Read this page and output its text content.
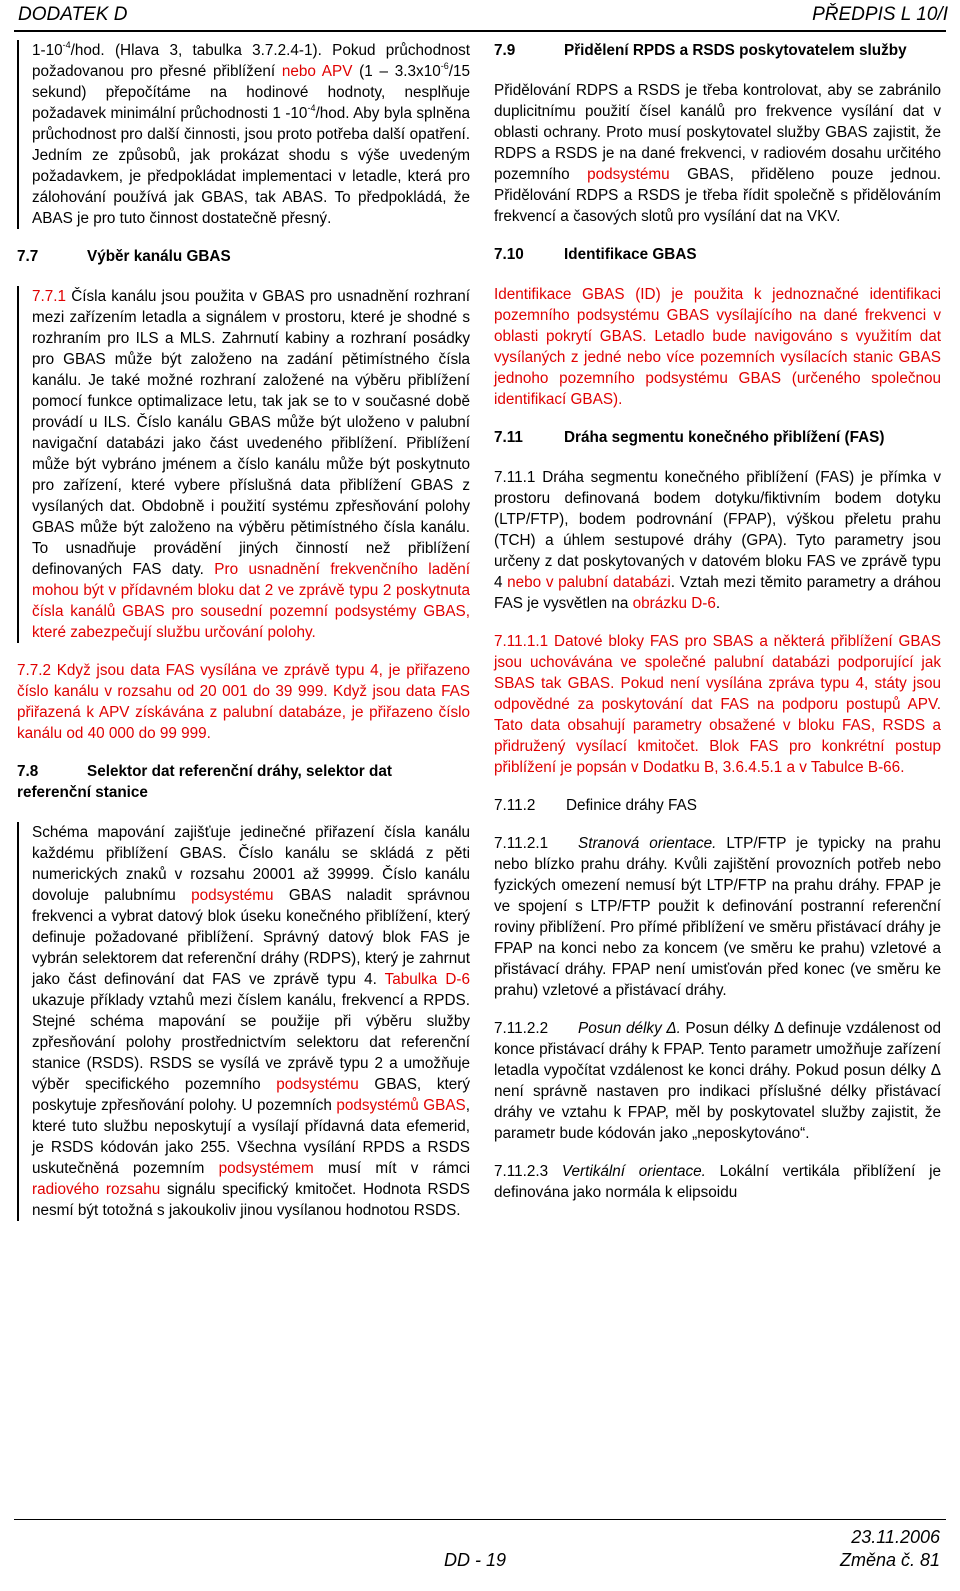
DODATEK D	PŘEDPIS L 10/I

$1-10^{-4}$/hod. (Hlava 3, tabulka 3.7.2.4-1). Pokud průchodnost požadovanou pro přesné přiblížení nebo APV ($1 - 3.3x10^{-6}/15$ sekund) přepočítáme na hodinové hodnoty, nesplňuje požadavek minimální průchodnosti 1 $-10^{-4}$/hod. Aby byla splněna průchodnost pro další činnosti, jsou proto potřeba další opatření. Jedním ze způsobů, jak prokázat shodu s výše uvedeným požadavkem, je předpokládat implementaci v letadle, která pro zálohování používá jak GBAS, tak ABAS. To předpokládá, že ABAS je pro tuto činnost dostatečně přesný.

7.7	Výběr kanálu GBAS

7.7.1 Čísla kanálu jsou použita v GBAS pro usnadnění rozhraní mezi zařízením letadla a signálem v prostoru, které je shodné s rozhraním pro ILS a MLS. Zahrnutí kabiny a rozhraní posádky pro GBAS může být založeno na zadání pětimístného čísla kanálu. Je také možné rozhraní založené na výběru přiblížení pomocí funkce optimalizace letu, tak jak se to v současné době provádí u ILS. Číslo kanálu GBAS může být uloženo v palubní navigační databázi jako část uvedeného přiblížení. Přiblížení může být vybráno jménem a číslo kanálu může být poskytnuto pro zařízení, které vybere příslušná data přiblížení GBAS z vysílaných dat. Obdobně i použití systému zpřesňování polohy GBAS může být založeno na výběru pětimístného čísla kanálu. To usnadňuje provádění jiných činností než přiblížení definovaných FAS daty. Pro usnadnění frekvenčního ladění mohou být v přídavném bloku dat 2 ve zprávě typu 2 poskytnuta čísla kanálů GBAS pro sousední pozemní podsystémy GBAS, které zabezpečují službu určování polohy.

7.7.2 Když jsou data FAS vysílána ve zprávě typu 4, je přiřazeno číslo kanálu v rozsahu od 20 001 do 39 999. Když jsou data FAS přiřazená k APV získávána z palubní databáze, je přiřazeno číslo kanálu od 40 000 do 99 999.

7.8	Selektor dat referenční dráhy, selektor dat referenční stanice

Schéma mapování zajišťuje jedinečné přiřazení čísla kanálu každému přiblížení GBAS. Číslo kanálu se skládá z pěti numerických znaků v rozsahu 20001 až 39999. Číslo kanálu dovoluje palubnímu podsystému GBAS naladit správnou frekvenci a vybrat datový blok úseku konečného přiblížení, který definuje požadované přiblížení. Správný datový blok FAS je vybrán selektorem dat referenční dráhy (RDPS), který je zahrnut jako část definování dat FAS ve zprávě typu 4. Tabulka D-6 ukazuje příklady vztahů mezi číslem kanálu, frekvencí a RPDS. Stejné schéma mapování se použije při výběru služby zpřesňování polohy prostřednictvím selektoru dat referenční stanice (RSDS). RSDS se vysílá ve zprávě typu 2 a umožňuje výběr specifického pozemního podsystému GBAS, který poskytuje zpřesňování polohy. U pozemních podsystémů GBAS, které tuto službu neposkytují a vysílají přídavná data efemerid, je RSDS kódován jako 255. Všechna vysílání RPDS a RSDS uskutečněná pozemním podsystémem musí mít v rámci radiového rozsahu signálu specifický kmitočet. Hodnota RSDS nesmí být totožná s jakoukoliv jinou vysílanou hodnotou RSDS.

7.9	Přidělení RPDS a RSDS poskytovatelem služby

Přidělování RDPS a RSDS je třeba kontrolovat, aby se zabránilo duplicitnímu použití čísel kanálů pro frekvence vysílání dat v oblasti ochrany. Proto musí poskytovatel služby GBAS zajistit, že RDPS a RSDS je na dané frekvenci, v radiovém dosahu určitého pozemního podsystému GBAS, přiděleno pouze jednou. Přidělování RDPS a RSDS je třeba řídit společně s přidělováním frekvencí a časových slotů pro vysílání dat na VKV.

7.10	Identifikace GBAS

Identifikace GBAS (ID) je použita k jednoznačné identifikaci pozemního podsystému GBAS vysílajícího na dané frekvenci v oblasti pokrytí GBAS. Letadlo bude navigováno s využitím dat vysílaných z jedné nebo více pozemních vysílacích stanic GBAS jednoho pozemního podsystému GBAS (určeného společnou identifikací GBAS).

7.11	Dráha segmentu konečného přiblížení (FAS)

7.11.1 Dráha segmentu konečného přiblížení (FAS) je přímka v prostoru definovaná bodem dotyku/fiktivním bodem dotyku (LTP/FTP), bodem podrovnání (FPAP), výškou přeletu prahu (TCH) a úhlem sestupové dráhy (GPA). Tyto parametry jsou určeny z dat poskytovaných v datovém bloku FAS ve zprávě typu 4 nebo v palubní databázi. Vztah mezi těmito parametry a dráhou FAS je vysvětlen na obrázku D-6.

7.11.1.1 Datové bloky FAS pro SBAS a některá přiblížení GBAS jsou uchovávána ve společné palubní databázi podporující jak SBAS tak GBAS. Pokud není vysílána zpráva typu 4, státy jsou odpovědné za poskytování dat FAS na podporu postupů APV. Tato data obsahují parametry obsažené v bloku FAS, RSDS a přidružený vysílací kmitočet. Blok FAS pro konkrétní postup přiblížení je popsán v Dodatku B, 3.6.4.5.1 a v Tabulce B-66.

7.11.2 Definice dráhy FAS

7.11.2.1 Stranová orientace. LTP/FTP je typicky na prahu nebo blízko prahu dráhy. Kvůli zajištění provozních potřeb nebo fyzických omezení nemusí být LTP/FTP na prahu dráhy. FPAP je ve spojení s LTP/FTP použit k definování postranní referenční roviny přiblížení. Pro přímé přiblížení ve směru přistávací dráhy je FPAP na konci nebo za koncem (ve směru ke prahu) vzletové a přistávací dráhy. FPAP není umisťován před konec (ve směru ke prahu) vzletové a přistávací dráhy.

7.11.2.2 Posun délky Δ. Posun délky Δ definuje vzdálenost od konce přistávací dráhy k FPAP. Tento parametr umožňuje zařízení letadla vypočítat vzdálenost ke konci dráhy. Pokud posun délky Δ není správně nastaven pro indikaci příslušné délky přistávací dráhy ve vztahu k FPAP, měl by poskytovatel služby zajistit, že parametr bude kódován jako „neposkytováno“.

7.11.2.3 Vertikální orientace. Lokální vertikála přiblížení je definována jako normála k elipsoidu

23.11.2006
DD - 19	Změna č. 81
